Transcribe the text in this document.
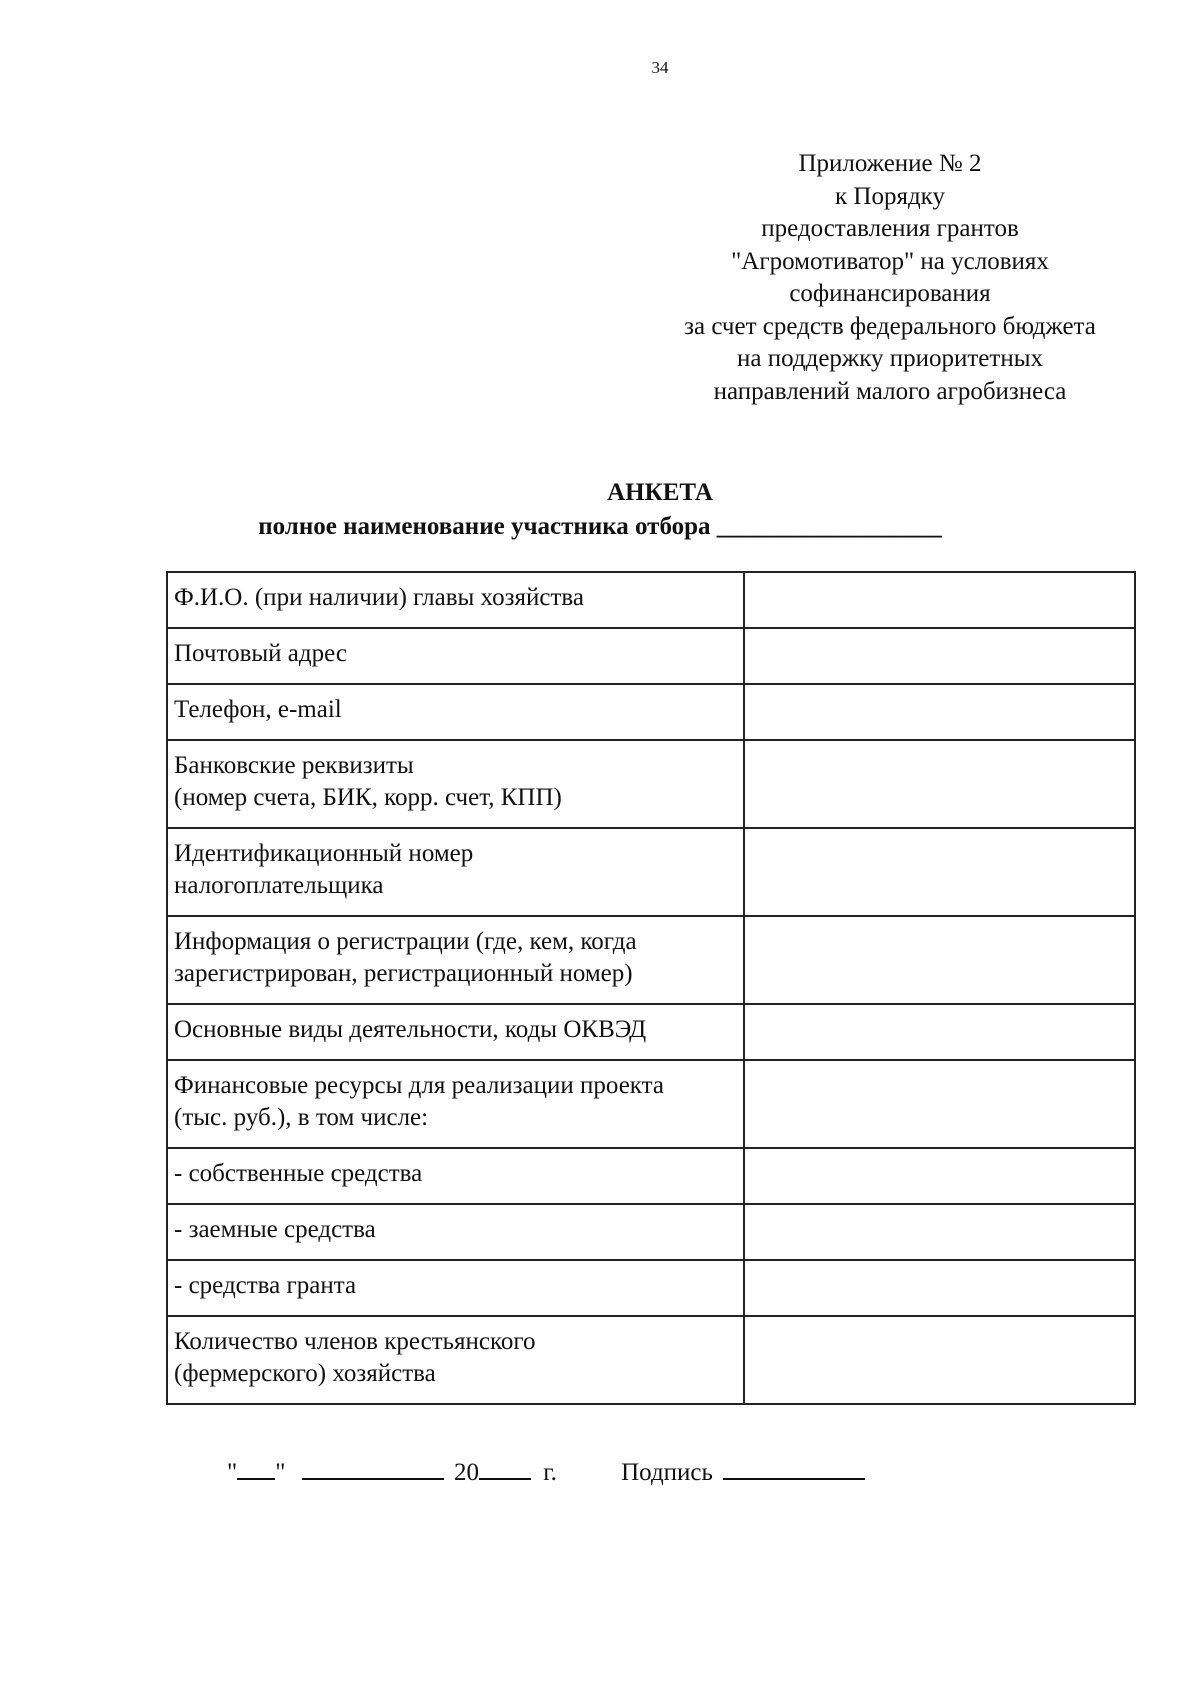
34
Приложение № 2
к Порядку
предоставления грантов
"Агромотиватор" на условиях
софинансирования
за счет средств федерального бюджета
на поддержку приоритетных
направлений малого агробизнеса
АНКЕТА
полное наименование участника отбора __________________
Ф.И.О. (при наличии) главы хозяйства	

Почтовый адрес	

Телефон, e-mail	

Банковские реквизиты
(номер счета, БИК, корр. счет, КПП)	

Идентификационный номер
налогоплательщика	

Информация о регистрации (где, кем, когда
зарегистрирован, регистрационный номер)	

Основные виды деятельности, коды ОКВЭД	

Финансовые ресурсы для реализации проекта
(тыс. руб.), в том числе:	

- собственные средства	

- заемные средства	

- средства гранта	

Количество членов крестьянского
(фермерского) хозяйства	

" "	20	г.	Подпись
